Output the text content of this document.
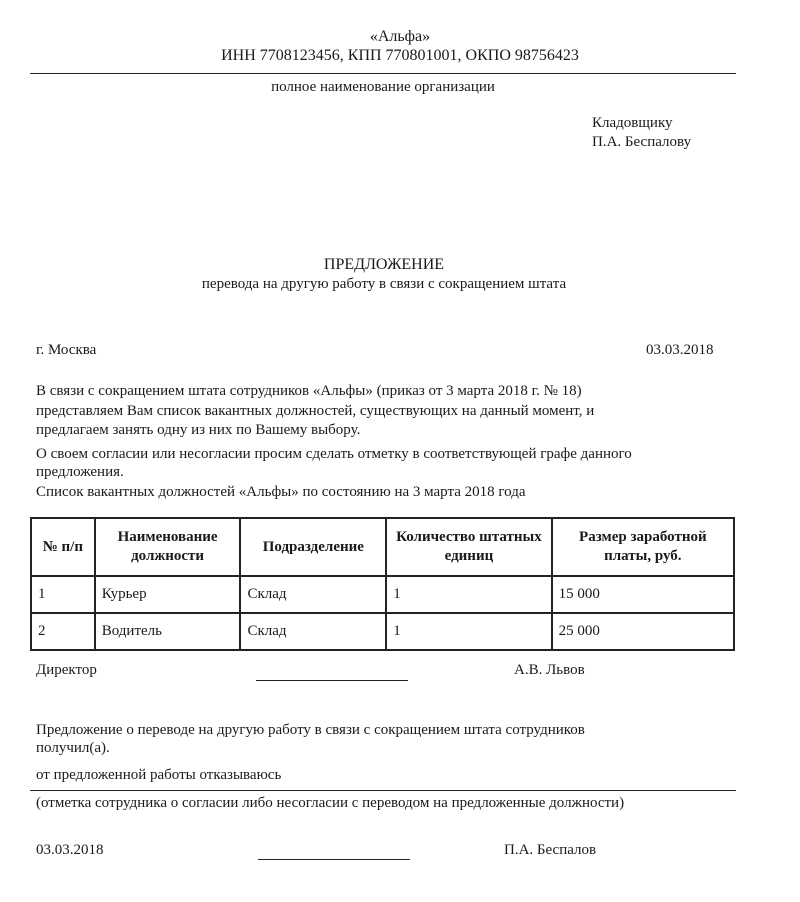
«Альфа»
ИНН 7708123456, КПП 770801001, ОКПО 98756423
полное наименование организации
Кладовщику
П.А. Беспалову
ПРЕДЛОЖЕНИЕ
перевода на другую работу в связи с сокращением штата
г. Москва	03.03.2018
В связи с сокращением штата сотрудников «Альфы» (приказ от 3 марта 2018 г. № 18)
представляем Вам список вакантных должностей, существующих на данный момент, и
предлагаем занять одну из них по Вашему выбору.
О своем согласии или несогласии просим сделать отметку в соответствующей графе данного
предложения.
Список вакантных должностей «Альфы» по состоянию на 3 марта 2018 года
№ п/п	Наименование должности	Подразделение	Количество штатных единиц	Размер заработной платы, руб.
1	Курьер	Склад	1	15 000
2	Водитель	Склад	1	25 000
Директор	А.В. Львов
Предложение о переводе на другую работу в связи с сокращением штата сотрудников
получил(а).
от предложенной работы отказываюсь
(отметка сотрудника о согласии либо несогласии с переводом на предложенные должности)
03.03.2018	П.А. Беспалов
